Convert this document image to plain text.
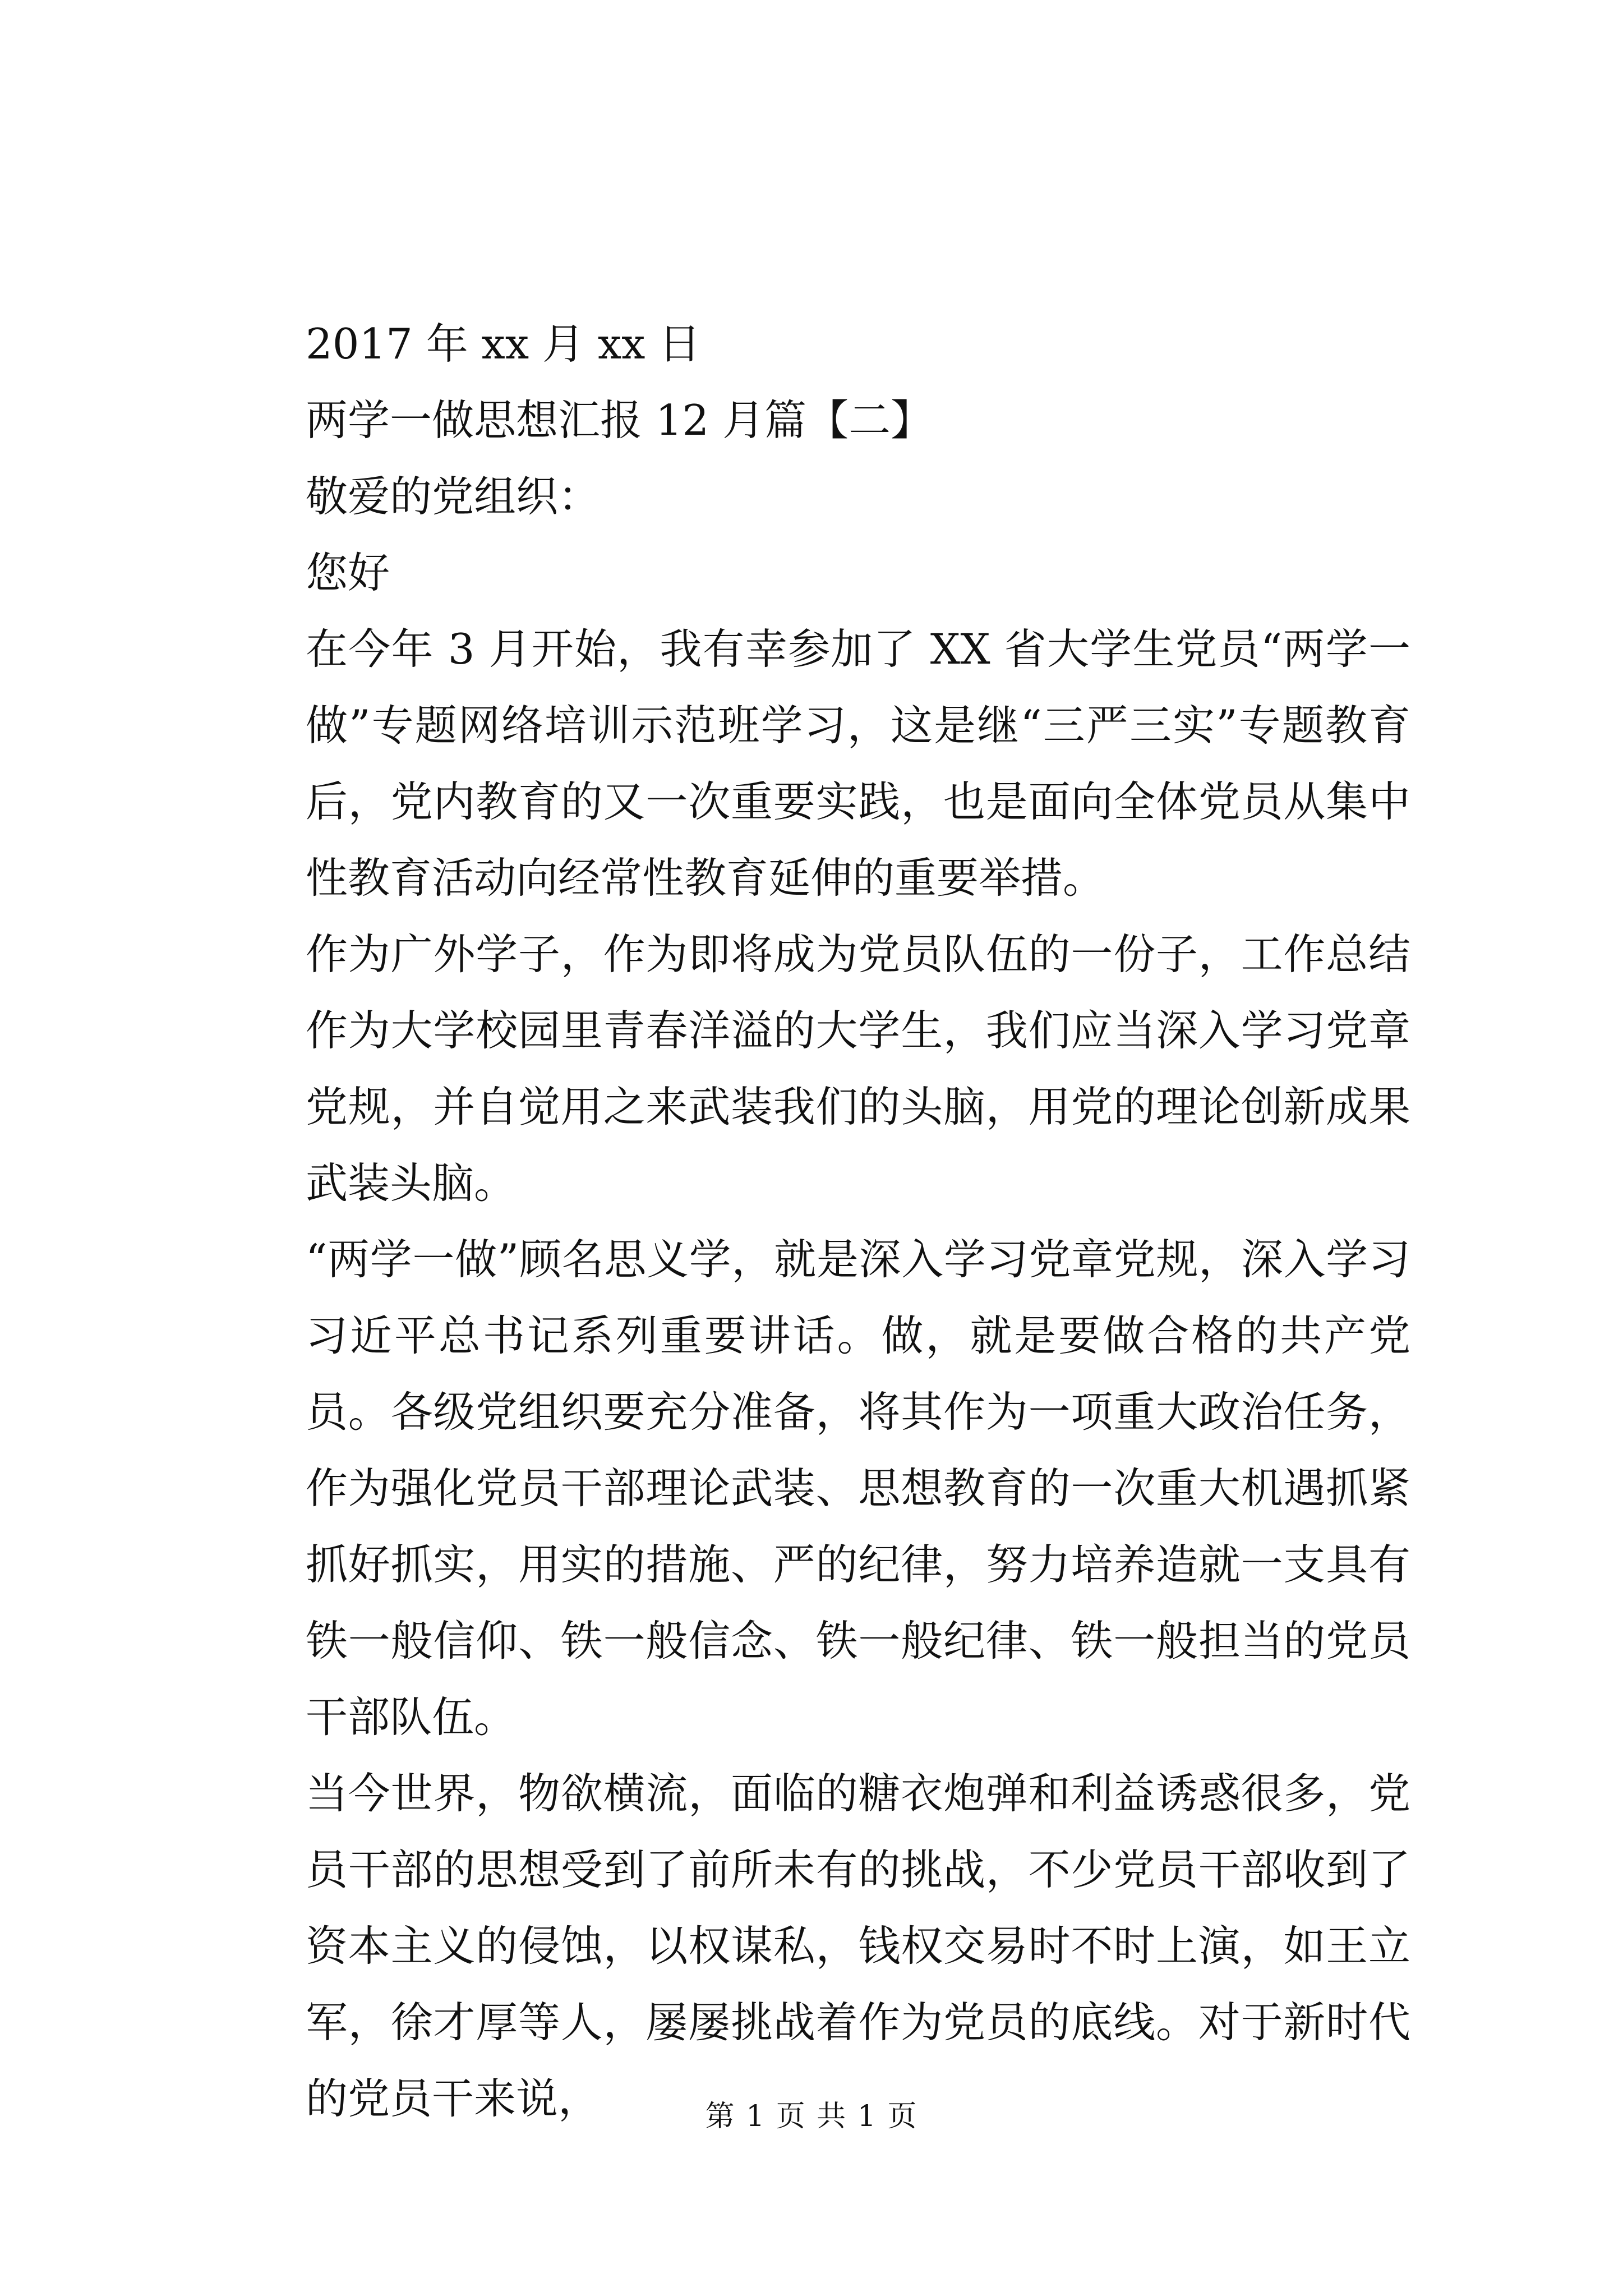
2017 年 xx 月 xx 日
两学一做思想汇报 12 月篇【二】
敬爱的党组织：
您好
在今年 3 月开始，我有幸参加了 XX 省大学生党员“两学一做”专题网络培训示范班学习，这是继“三严三实”专题教育后，党内教育的又一次重要实践，也是面向全体党员从集中性教育活动向经常性教育延伸的重要举措。
作为广外学子，作为即将成为党员队伍的一份子，工作总结作为大学校园里青春洋溢的大学生，我们应当深入学习党章党规，并自觉用之来武装我们的头脑，用党的理论创新成果武装头脑。
“两学一做”顾名思义学，就是深入学习党章党规，深入学习习近平总书记系列重要讲话。做，就是要做合格的共产党员。各级党组织要充分准备，将其作为一项重大政治任务，作为强化党员干部理论武装、思想教育的一次重大机遇抓紧抓好抓实，用实的措施、严的纪律，努力培养造就一支具有铁一般信仰、铁一般信念、铁一般纪律、铁一般担当的党员干部队伍。
当今世界，物欲横流，面临的糖衣炮弹和利益诱惑很多，党员干部的思想受到了前所未有的挑战，不少党员干部收到了资本主义的侵蚀，以权谋私，钱权交易时不时上演，如王立军，徐才厚等人，屡屡挑战着作为党员的底线。对于新时代的党员干来说，	第 1 页 共 1 页
